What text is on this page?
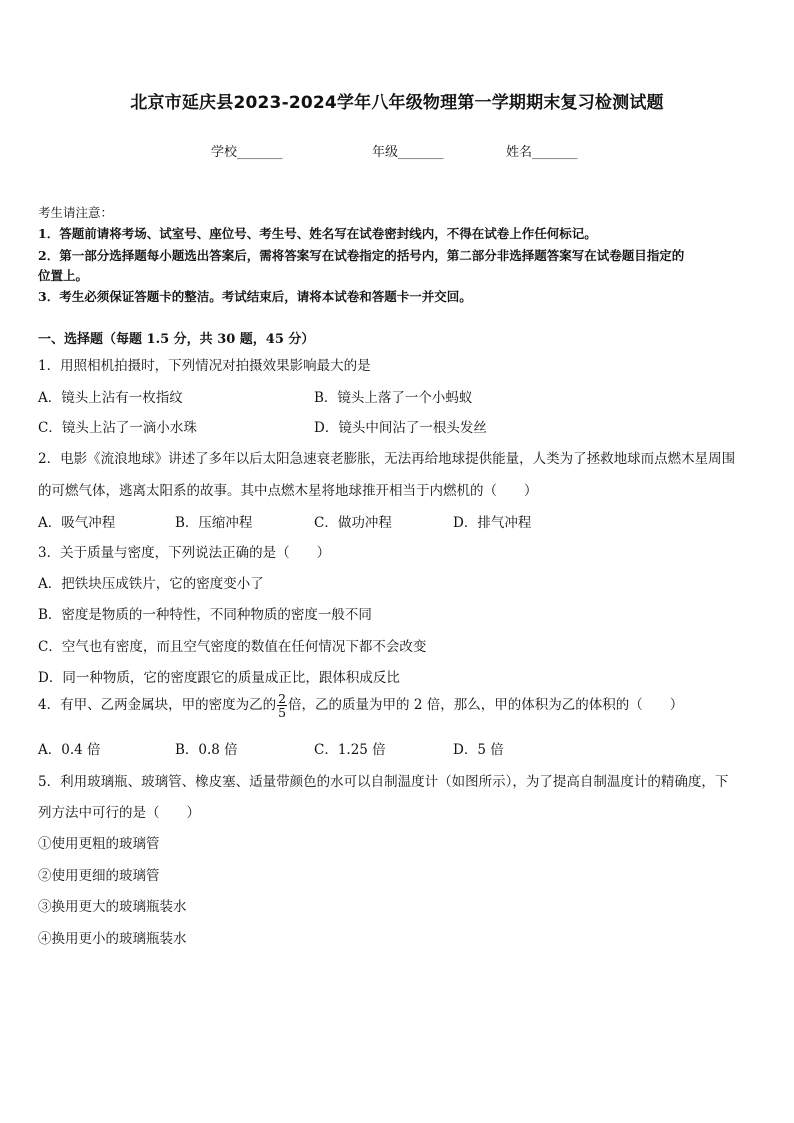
北京市延庆县2023-2024学年八年级物理第一学期期末复习检测试题
学校_______	年级_______	姓名_______
考生请注意：
1．答题前请将考场、试室号、座位号、考生号、姓名写在试卷密封线内，不得在试卷上作任何标记。
2．第一部分选择题每小题选出答案后，需将答案写在试卷指定的括号内，第二部分非选择题答案写在试卷题目指定的
位置上。
3．考生必须保证答题卡的整洁。考试结束后，请将本试卷和答题卡一并交回。
一、选择题（每题 1.5 分，共 30 题，45 分）
1．用照相机拍摄时，下列情况对拍摄效果影响最大的是
A．镜头上沾有一枚指纹	B．镜头上落了一个小蚂蚁
C．镜头上沾了一滴小水珠	D．镜头中间沾了一根头发丝
2．电影《流浪地球》讲述了多年以后太阳急速衰老膨胀，无法再给地球提供能量，人类为了拯救地球而点燃木星周围
的可燃气体，逃离太阳系的故事。其中点燃木星将地球推开相当于内燃机的（　　）
A．吸气冲程	B．压缩冲程	C．做功冲程	D．排气冲程
3．关于质量与密度，下列说法正确的是（　　）
A．把铁块压成铁片，它的密度变小了
B．密度是物质的一种特性，不同种物质的密度一般不同
C．空气也有密度，而且空气密度的数值在任何情况下都不会改变
D．同一种物质，它的密度跟它的质量成正比，跟体积成反比
4．有甲、乙两金属块，甲的密度为乙的 $\frac{2}{5}$ 倍，乙的质量为甲的 2 倍，那么，甲的体积为乙的体积的（　　）
A．0.4 倍	B．0.8 倍	C．1.25 倍	D．5 倍
5．利用玻璃瓶、玻璃管、橡皮塞、适量带颜色的水可以自制温度计（如图所示），为了提高自制温度计的精确度，下
列方法中可行的是（　　）
①使用更粗的玻璃管
②使用更细的玻璃管
③换用更大的玻璃瓶装水
④换用更小的玻璃瓶装水
